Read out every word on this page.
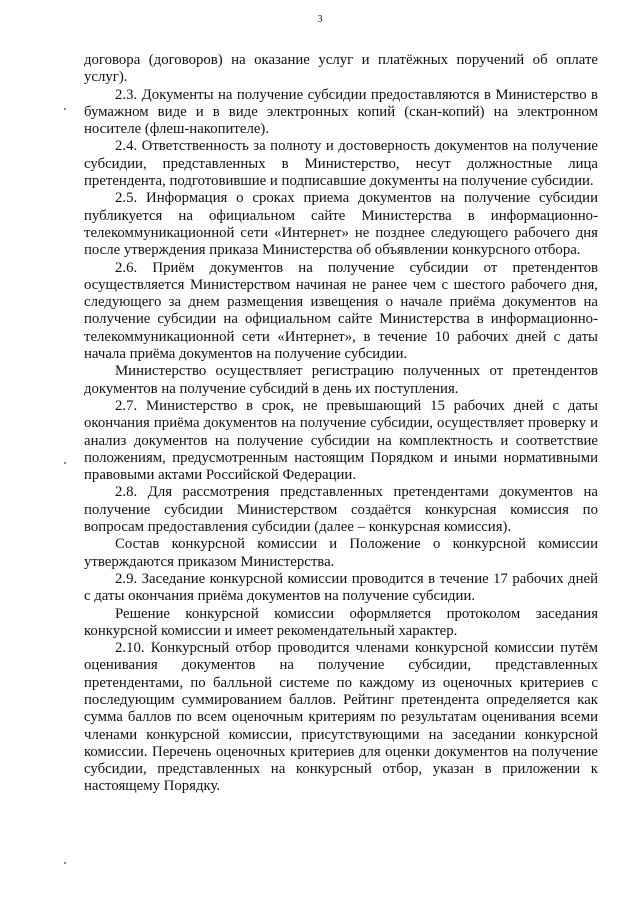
3

договора (договоров) на оказание услуг и платёжных поручений об оплате услуг).

2.3. Документы на получение субсидии предоставляются в Министерство в бумажном виде и в виде электронных копий (скан-копий) на электронном носителе (флеш-накопителе).

2.4. Ответственность за полноту и достоверность документов на получение субсидии, представленных в Министерство, несут должностные лица претендента, подготовившие и подписавшие документы на получение субсидии.

2.5. Информация о сроках приема документов на получение субсидии публикуется на официальном сайте Министерства в информационно-телекоммуникационной сети «Интернет» не позднее следующего рабочего дня после утверждения приказа Министерства об объявлении конкурсного отбора.

2.6. Приём документов на получение субсидии от претендентов осуществляется Министерством начиная не ранее чем с шестого рабочего дня, следующего за днем размещения извещения о начале приёма документов на получение субсидии на официальном сайте Министерства в информационно-телекоммуникационной сети «Интернет», в течение 10 рабочих дней с даты начала приёма документов на получение субсидии.

Министерство осуществляет регистрацию полученных от претендентов документов на получение субсидий в день их поступления.

2.7. Министерство в срок, не превышающий 15 рабочих дней с даты окончания приёма документов на получение субсидии, осуществляет проверку и анализ документов на получение субсидии на комплектность и соответствие положениям, предусмотренным настоящим Порядком и иными нормативными правовыми актами Российской Федерации.

2.8. Для рассмотрения представленных претендентами документов на получение субсидии Министерством создаётся конкурсная комиссия по вопросам предоставления субсидии (далее – конкурсная комиссия).

Состав конкурсной комиссии и Положение о конкурсной комиссии утверждаются приказом Министерства.

2.9. Заседание конкурсной комиссии проводится в течение 17 рабочих дней с даты окончания приёма документов на получение субсидии.

Решение конкурсной комиссии оформляется протоколом заседания конкурсной комиссии и имеет рекомендательный характер.

2.10. Конкурсный отбор проводится членами конкурсной комиссии путём оценивания документов на получение субсидии, представленных претендентами, по балльной системе по каждому из оценочных критериев с последующим суммированием баллов. Рейтинг претендента определяется как сумма баллов по всем оценочным критериям по результатам оценивания всеми членами конкурсной комиссии, присутствующими на заседании конкурсной комиссии. Перечень оценочных критериев для оценки документов на получение субсидии, представленных на конкурсный отбор, указан в приложении к настоящему Порядку.
